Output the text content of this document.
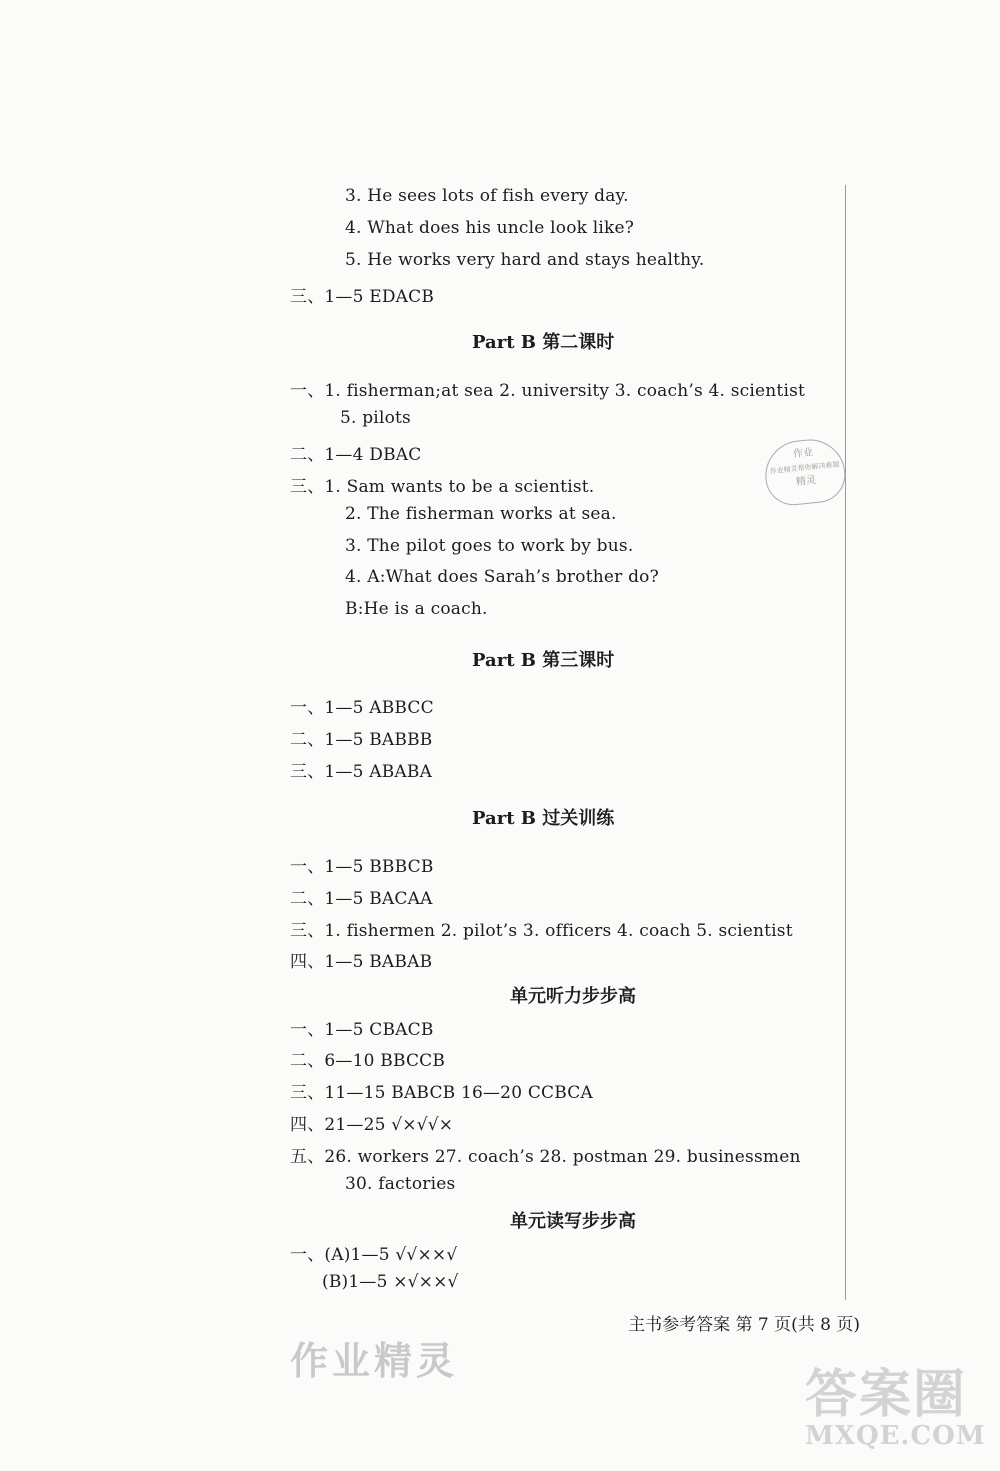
3. He sees lots of fish every day.
4. What does his uncle look like?
5. He works very hard and stays healthy.
三、1—5 EDACB
Part B 第二课时
一、1. fisherman;at sea 2. university 3. coach’s 4. scientist
5. pilots
二、1—4 DBAC
三、1. Sam wants to be a scientist.
2. The fisherman works at sea.
3. The pilot goes to work by bus.
4. A:What does Sarah’s brother do?
B:He is a coach.
Part B 第三课时
一、1—5 ABBCC
二、1—5 BABBB
三、1—5 ABABA
Part B 过关训练
一、1—5 BBBCB
二、1—5 BACAA
三、1. fishermen 2. pilot’s 3. officers 4. coach 5. scientist
四、1—5 BABAB
单元听力步步高
一、1—5 CBACB
二、6—10 BBCCB
三、11—15 BABCB 16—20 CCBCA
四、21—25 √×√√×
五、26. workers 27. coach’s 28. postman 29. businessmen
30. factories
单元读写步步高
一、(A)1—5 √√××√
(B)1—5 ×√××√
主书参考答案 第 7 页(共 8 页)
作业
作业精灵帮你解决难题
精灵
作业精灵
答案圈
MXQE.COM
